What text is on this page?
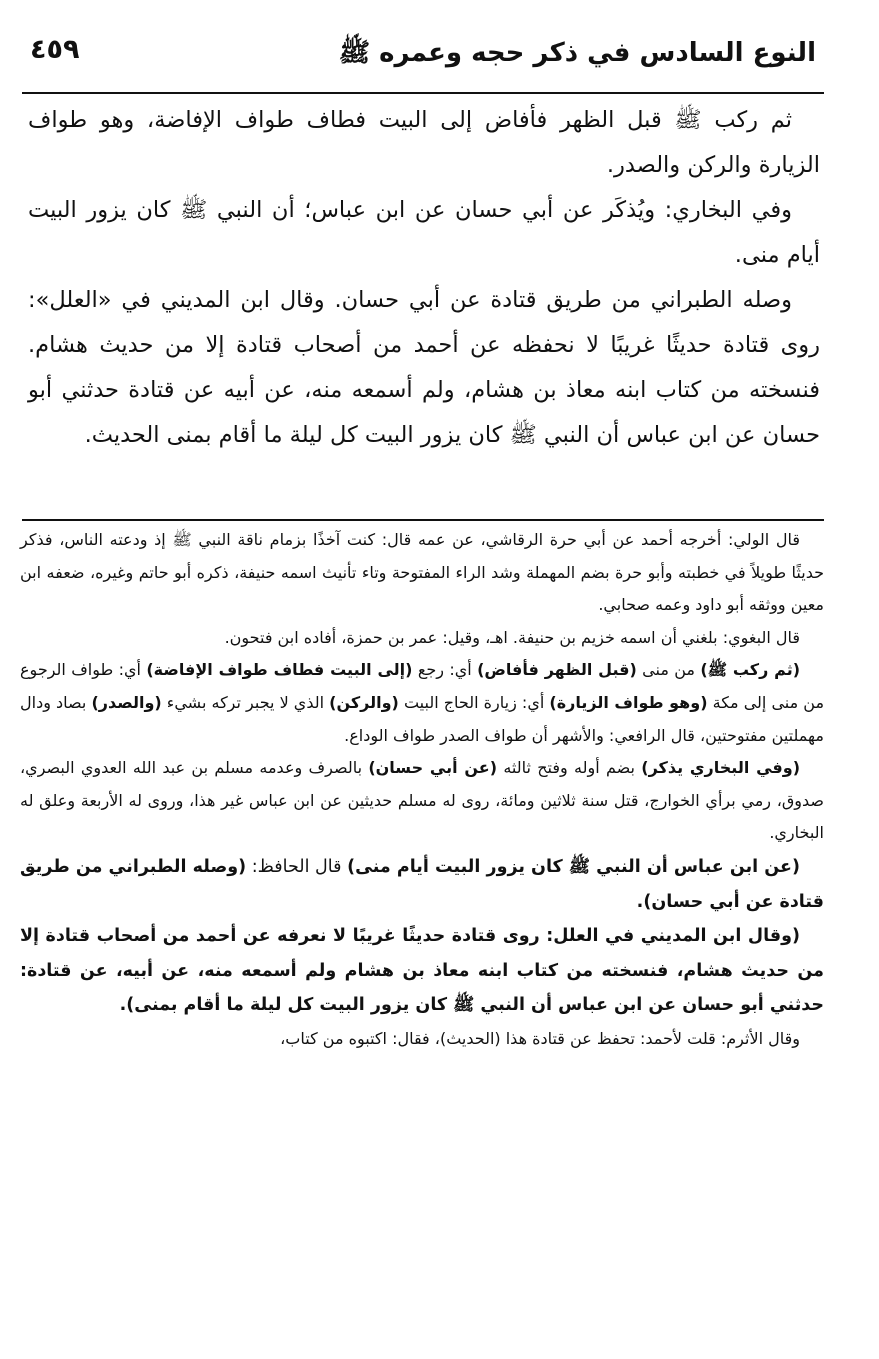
٤٥٩	النوع السادس في ذكر حجه وعمره ﷺ

ثم ركب ﷺ قبل الظهر فأفاض إلى البيت فطاف طواف الإفاضة، وهو طواف الزيارة والركن والصدر.

وفي البخاري: ويُذكَر عن أبي حسان عن ابن عباس؛ أن النبي ﷺ كان يزور البيت أيام منى.

وصله الطبراني من طريق قتادة عن أبي حسان. وقال ابن المديني في «العلل»: روى قتادة حديثًا غريبًا لا نحفظه عن أحمد من أصحاب قتادة إلا من حديث هشام. فنسخته من كتاب ابنه معاذ بن هشام، ولم أسمعه منه، عن أبيه عن قتادة حدثني أبو حسان عن ابن عباس أن النبي ﷺ كان يزور البيت كل ليلة ما أقام بمنى الحديث.

قال الولي: أخرجه أحمد عن أبي حرة الرقاشي، عن عمه قال: كنت آخذًا بزمام ناقة النبي ﷺ إذ ودعته الناس، فذكر حديثًا طويلاً في خطبته وأبو حرة بضم المهملة وشد الراء المفتوحة وتاء تأنيث اسمه حنيفة، ذكره أبو حاتم وغيره، ضعفه ابن معين ووثقه أبو داود وعمه صحابي.

قال البغوي: بلغني أن اسمه خزيم بن حنيفة. اهـ، وقيل: عمر بن حمزة، أفاده ابن فتحون.

(ثم ركب ﷺ) من منى (قبل الظهر فأفاض) أي: رجع (إلى البيت فطاف طواف الإفاضة) أي: طواف الرجوع من منى إلى مكة (وهو طواف الزيارة) أي: زيارة الحاج البيت (والركن) الذي لا يجبر تركه بشيء (والصدر) بصاد ودال مهملتين مفتوحتين، قال الرافعي: والأشهر أن طواف الصدر طواف الوداع.

(وفي البخاري يذكر) بضم أوله وفتح ثالثه (عن أبي حسان) بالصرف وعدمه مسلم بن عبد الله العدوي البصري، صدوق، رمي برأي الخوارج، قتل سنة ثلاثين ومائة، روى له مسلم حديثين عن ابن عباس غير هذا، وروى له الأربعة وعلق له البخاري.

(عن ابن عباس أن النبي ﷺ كان يزور البيت أيام منى) قال الحافظ: (وصله الطبراني من طريق قتادة عن أبي حسان).

(وقال ابن المديني في العلل: روى قتادة حديثًا غريبًا لا نعرفه عن أحمد من أصحاب قتادة إلا من حديث هشام، فنسخته من كتاب ابنه معاذ بن هشام ولم أسمعه منه، عن أبيه، عن قتادة: حدثني أبو حسان عن ابن عباس أن النبي ﷺ كان يزور البيت كل ليلة ما أقام بمنى).

وقال الأثرم: قلت لأحمد: تحفظ عن قتادة هذا (الحديث)، فقال: اكتبوه من كتاب،
